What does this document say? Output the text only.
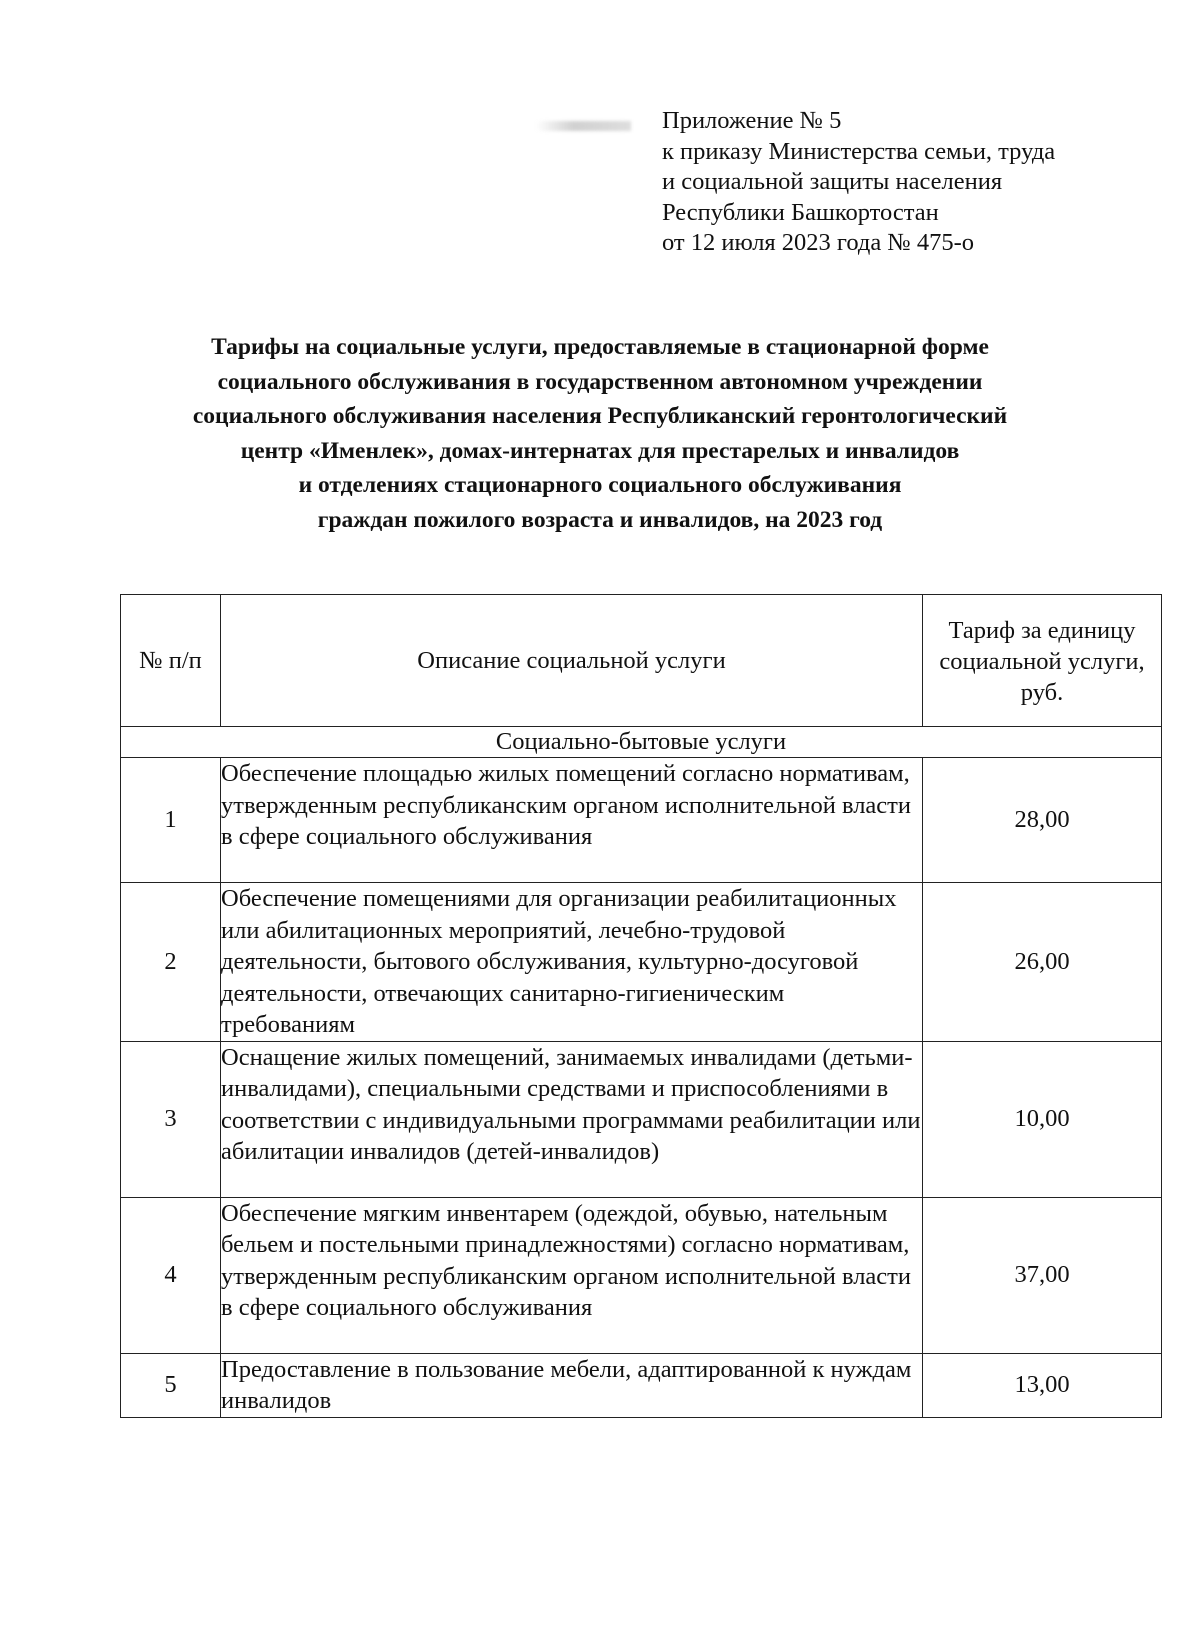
Приложение № 5
к приказу Министерства семьи, труда
и социальной защиты населения
Республики Башкортостан
от 12 июля 2023 года № 475-о
Тарифы на социальные услуги, предоставляемые в стационарной форме
социального обслуживания в государственном автономном учреждении
социального обслуживания населения Республиканский геронтологический
центр «Именлек», домах-интернатах для престарелых и инвалидов
и отделениях стационарного социального обслуживания
граждан пожилого возраста и инвалидов, на 2023 год
№ п/п	Описание социальной услуги	Тариф за единицу социальной услуги, руб.
Социально-бытовые услуги		
1	Обеспечение площадью жилых помещений согласно нормативам, утвержденным республиканским органом исполнительной власти в сфере социального обслуживания	28,00
2	Обеспечение помещениями для организации реабилитационных или абилитационных мероприятий, лечебно-трудовой деятельности, бытового обслуживания, культурно-досуговой деятельности, отвечающих санитарно-гигиеническим требованиям	26,00
3	Оснащение жилых помещений, занимаемых инвалидами (детьми-инвалидами), специальными средствами и приспособлениями в соответствии с индивидуальными программами реабилитации или абилитации инвалидов (детей-инвалидов)	10,00
4	Обеспечение мягким инвентарем (одеждой, обувью, нательным бельем и постельными принадлежностями) согласно нормативам, утвержденным республиканским органом исполнительной власти в сфере социального обслуживания	37,00
5	Предоставление в пользование мебели, адаптированной к нуждам инвалидов	13,00
